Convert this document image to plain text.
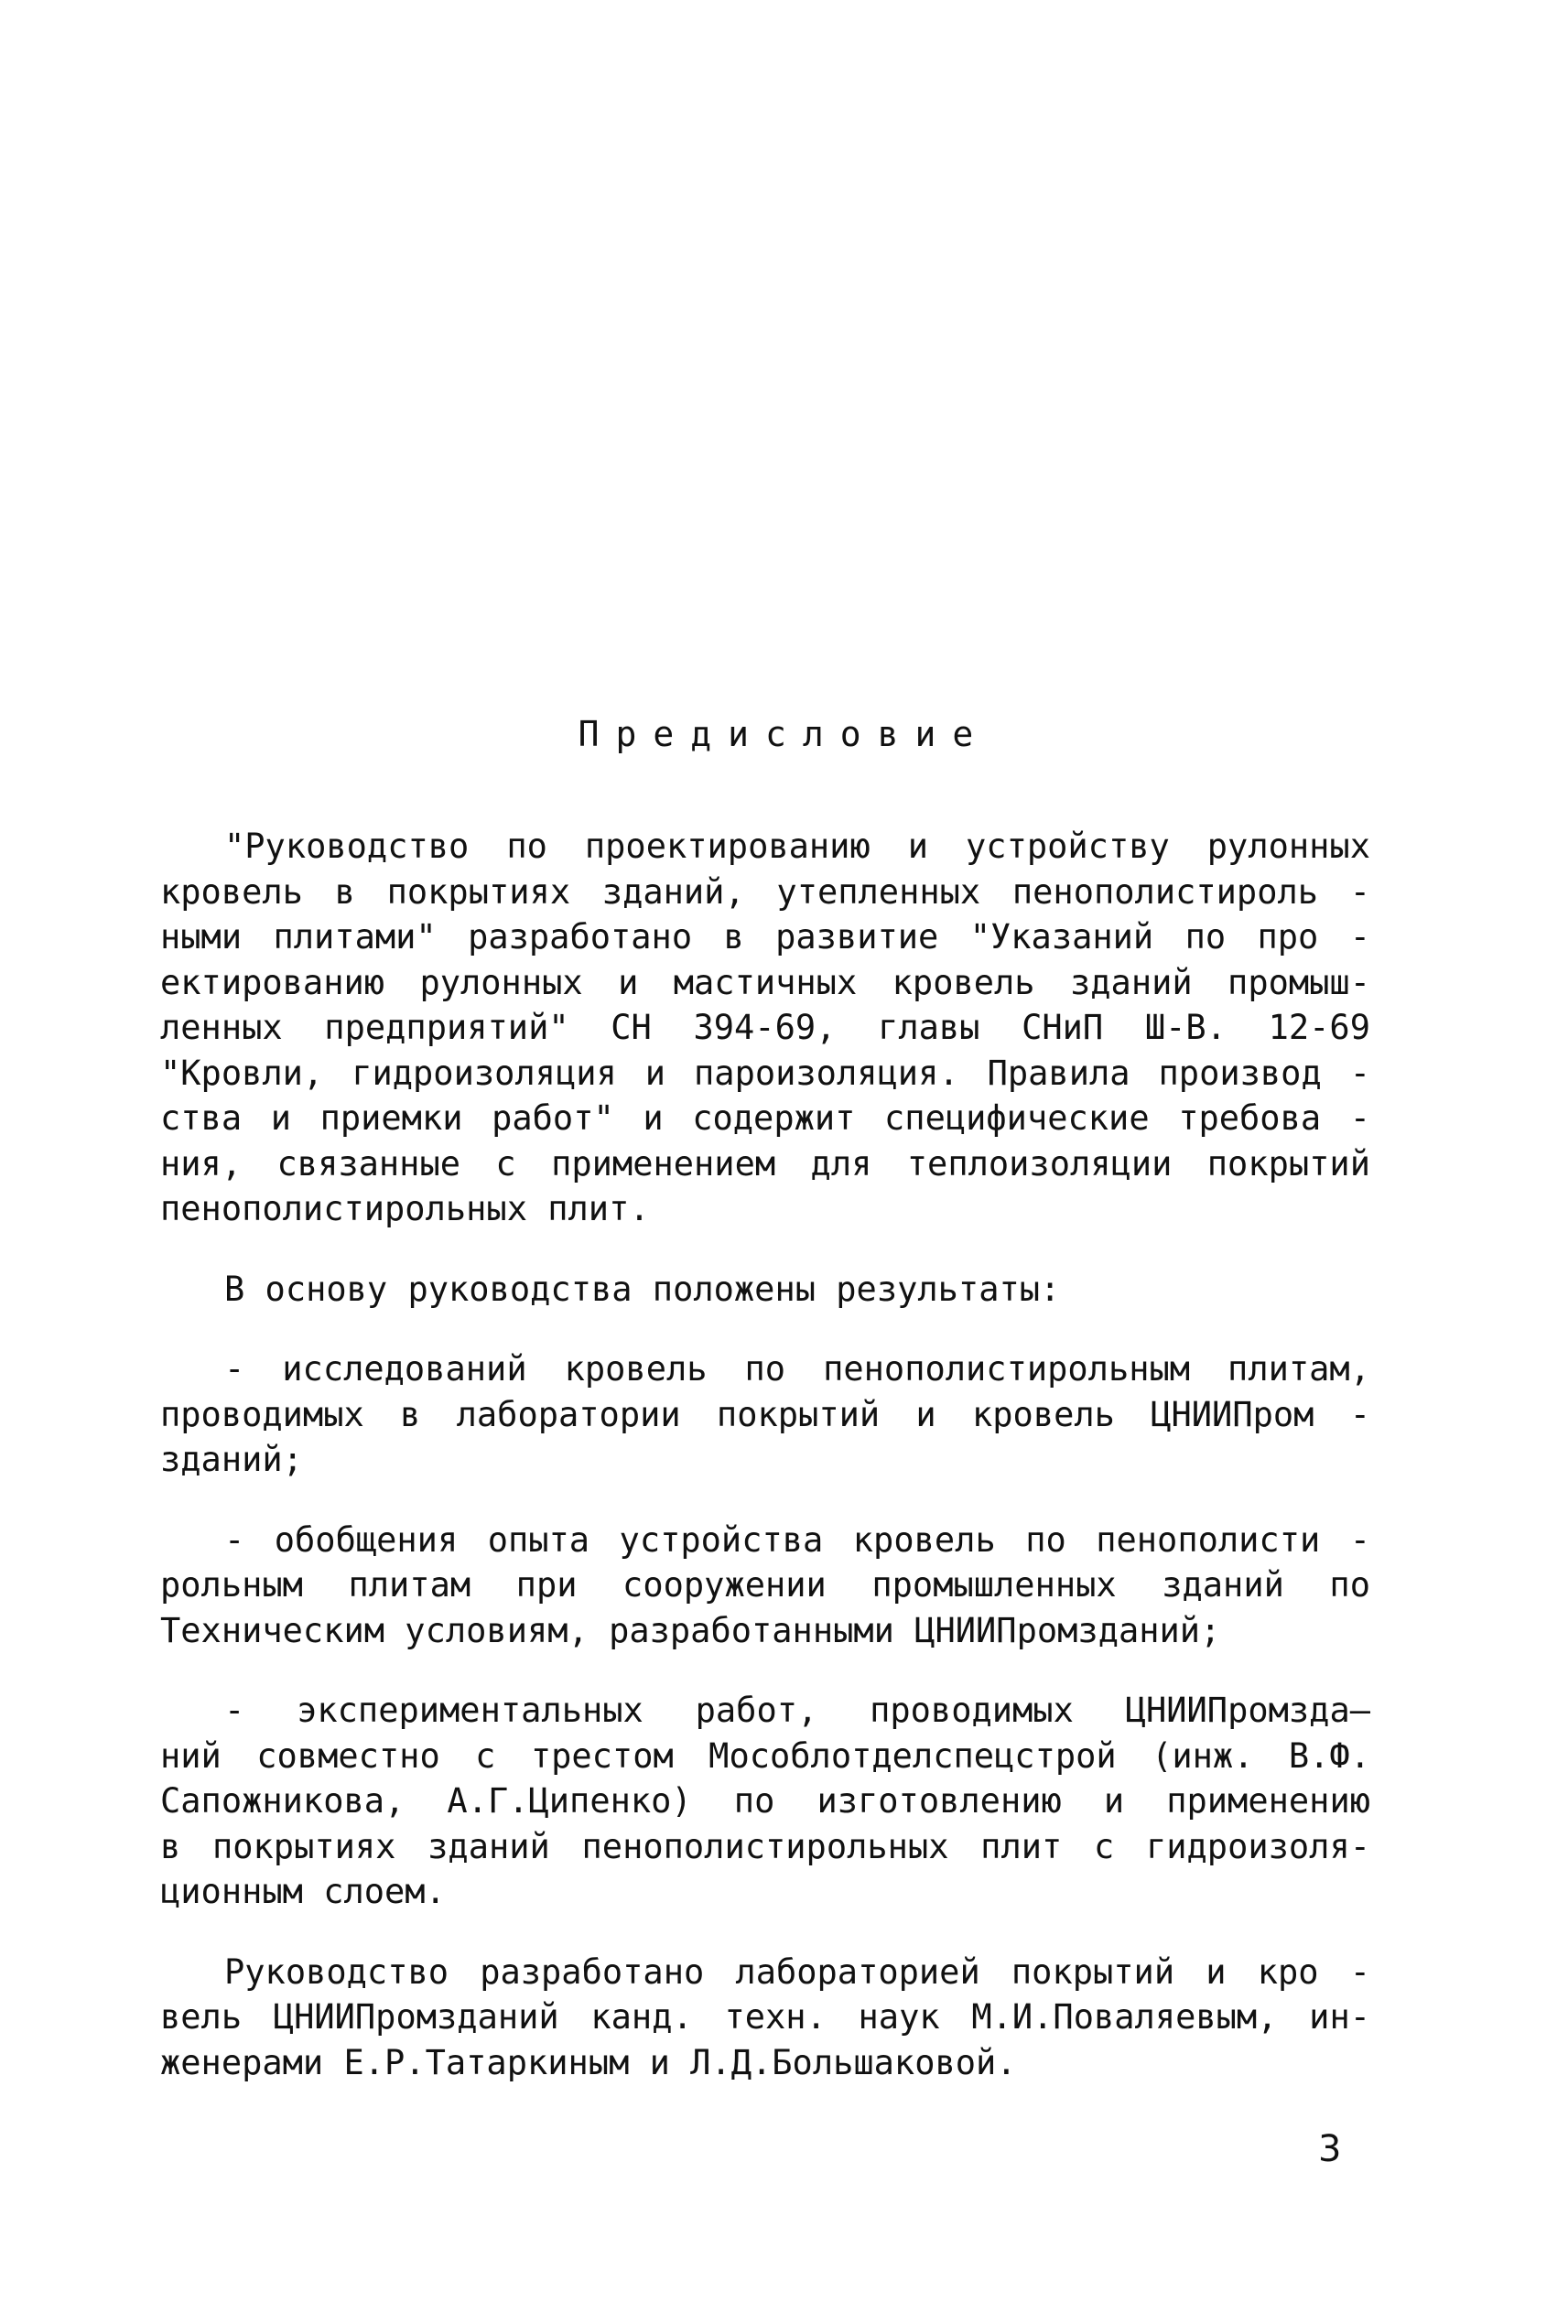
Предисловие

"Руководство по проектированию и устройству рулонных
кровель в покрытиях зданий, утепленных пенополистироль -
ными плитами" разработано в развитие "Указаний по про -
ектированию рулонных и мастичных кровель зданий промыш-
ленных предприятий" СН 394-69, главы СНиП Ш-В. 12-69
"Кровли, гидроизоляция и пароизоляция. Правила производ -
ства и приемки работ" и содержит специфические требова -
ния, связанные с применением для теплоизоляции покрытий
пенополистирольных плит.

В основу руководства положены результаты:

- исследований кровель по пенополистирольным плитам,
проводимых в лаборатории покрытий и кровель ЦНИИПром -
зданий;

- обобщения опыта устройства кровель по пенополисти -
рольным плитам при сооружении промышленных зданий по
Техническим условиям, разработанными ЦНИИПромзданий;

- экспериментальных работ, проводимых ЦНИИПромзда—
ний совместно с трестом Мособлотделспецстрой (инж. В.Ф.
Сапожникова, А.Г.Ципенко) по изготовлению и применению
в покрытиях зданий пенополистирольных плит с гидроизоля-
ционным слоем.

Руководство разработано лабораторией покрытий и кро -
вель ЦНИИПромзданий канд. техн. наук М.И.Поваляевым, ин-
женерами Е.Р.Татаркиным и Л.Д.Большаковой.

3
